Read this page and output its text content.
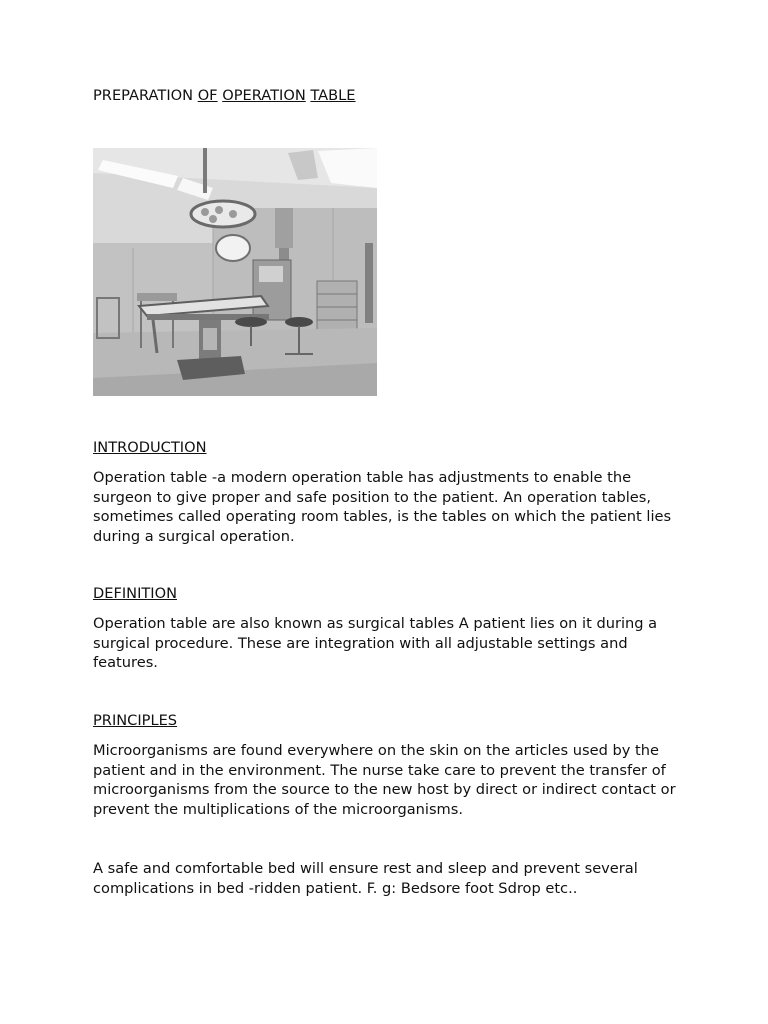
PREPARATION OF OPERATION TABLE
INTRODUCTION

Operation table -a modern operation table has adjustments to enable the surgeon to give proper and safe position to the patient. An operation tables, sometimes called operating room tables, is the tables on which the patient lies during a surgical operation.

DEFINITION

Operation table are also known as surgical tables A patient lies on it during a surgical procedure. These are integration with all adjustable settings and features.

PRINCIPLES

Microorganisms are found everywhere on the skin on the articles used by the patient and in the environment. The nurse take care to prevent the transfer of microorganisms from the source to the new host by direct or indirect contact or prevent the multiplications of the microorganisms.

A safe and comfortable bed will ensure rest and sleep and prevent several complications in bed -ridden patient. F. g: Bedsore foot Sdrop etc..
